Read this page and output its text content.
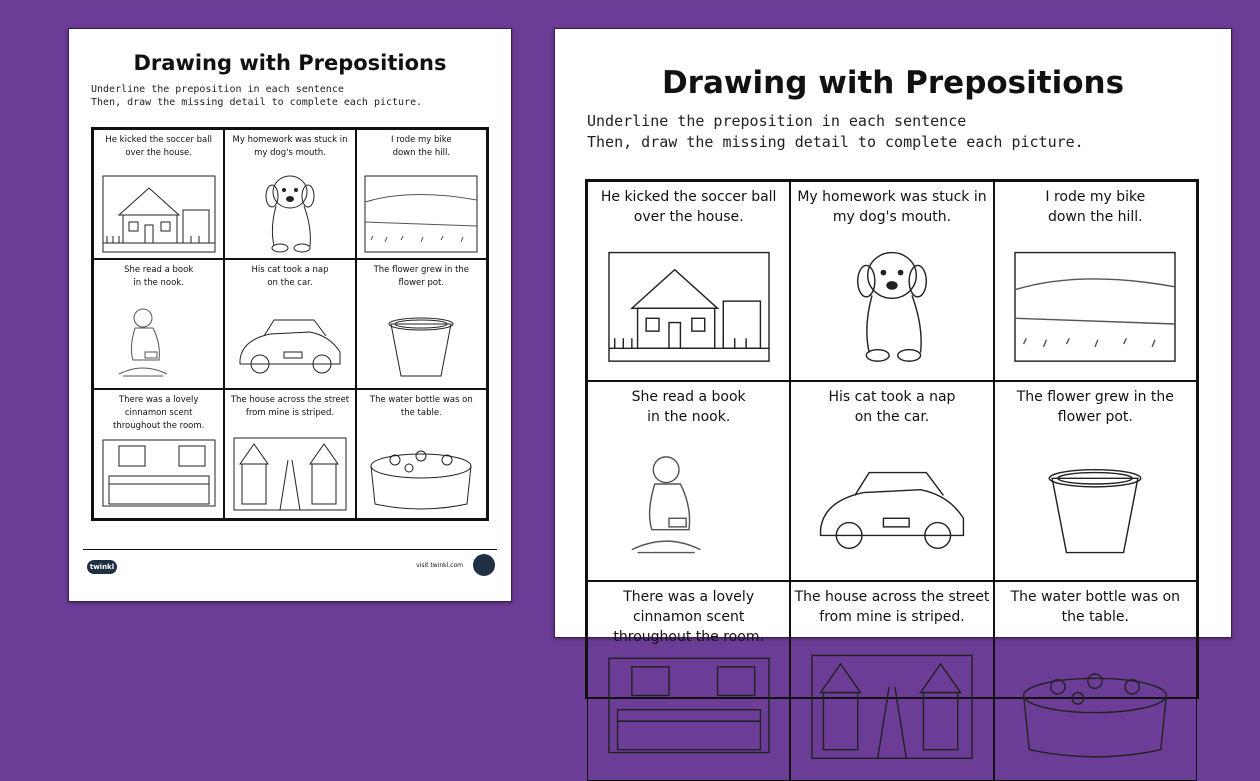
Drawing with Prepositions
Underline the preposition in each sentence
Then, draw the missing detail to complete each picture.
He kicked the soccer ball
over the house.
My homework was stuck in
my dog's mouth.
I rode my bike
down the hill.
She read a book
in the nook.
His cat took a nap
on the car.
The flower grew in the
flower pot.
There was a lovely
cinnamon scent
throughout the room.
The house across the street
from mine is striped.
The water bottle was on
the table.
twinkl	visit twinkl.com
Drawing with Prepositions
Underline the preposition in each sentence
Then, draw the missing detail to complete each picture.
He kicked the soccer ball
over the house.
My homework was stuck in
my dog's mouth.
I rode my bike
down the hill.
She read a book
in the nook.
His cat took a nap
on the car.
The flower grew in the
flower pot.
There was a lovely
cinnamon scent
throughout the room.
The house across the street
from mine is striped.
The water bottle was on
the table.
